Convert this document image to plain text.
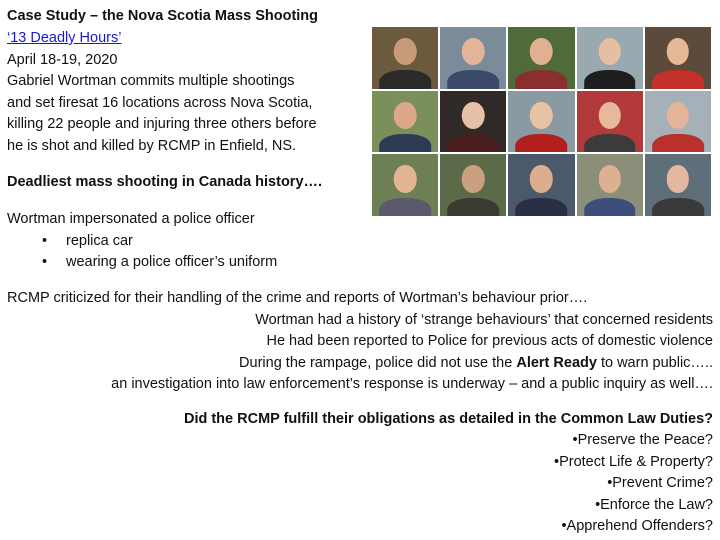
Case Study – the Nova Scotia Mass Shooting
‘13 Deadly Hours’
April 18-19, 2020
Gabriel Wortman commits multiple shootings
and set firesat 16 locations across Nova Scotia,
killing 22 people and injuring three others before
he is shot and killed by RCMP in Enfield, NS.
Deadliest mass shooting in Canada history….
Wortman impersonated a police officer
• replica car
• wearing a police officer’s uniform
RCMP criticized for their handling of the crime and reports of Wortman’s behaviour prior….
Wortman had a history of ‘strange behaviours’ that concerned residents
He had been reported to Police for previous acts of domestic violence
During the rampage, police did not use the Alert Ready to warn public…..
an investigation into law enforcement’s response is underway – and a public inquiry as well….
Did the RCMP fulfill their obligations as detailed in the Common Law Duties?
•Preserve the Peace?
•Protect Life & Property?
•Prevent Crime?
•Enforce the Law?
•Apprehend Offenders?
